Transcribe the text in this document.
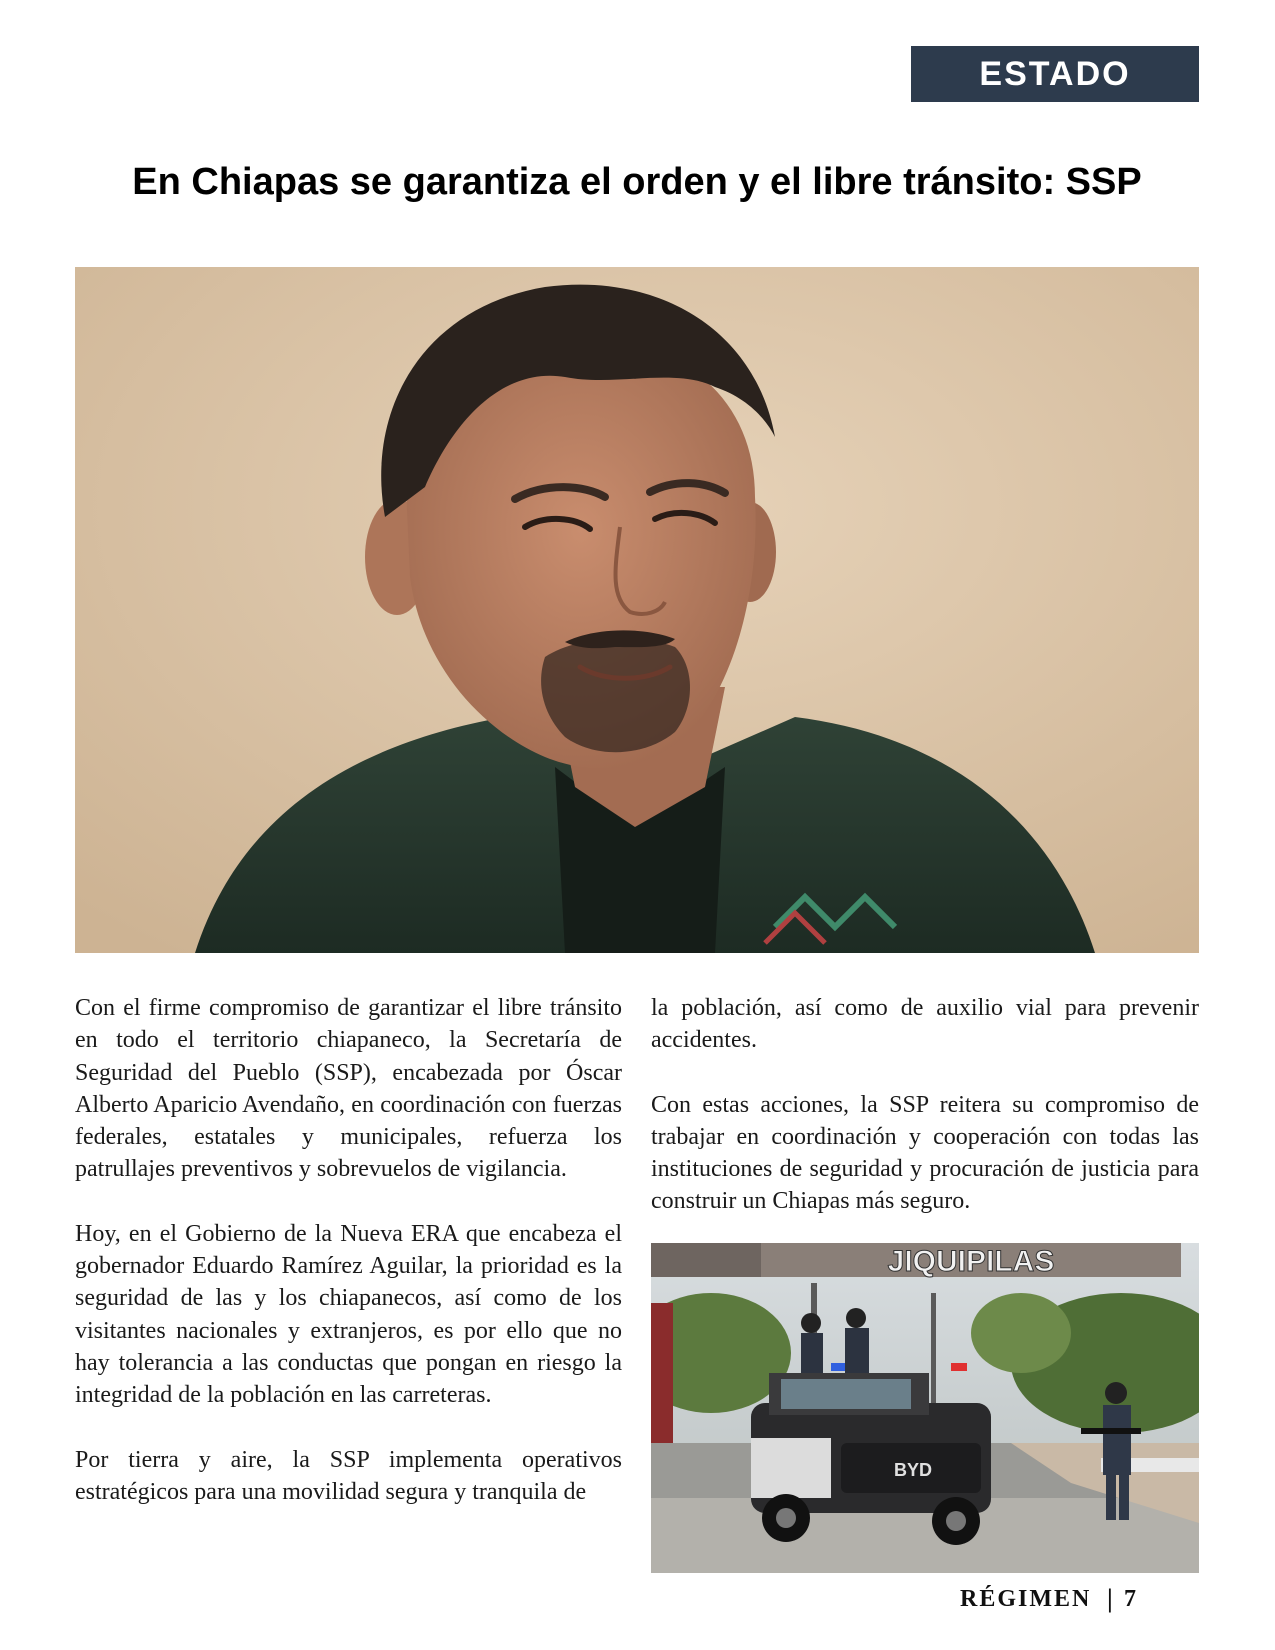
ESTADO
En Chiapas se garantiza el orden y el libre tránsito: SSP

Con el firme compromiso de garantizar el libre tránsito en todo el territorio chiapaneco, la Secretaría de Seguridad del Pueblo (SSP), encabezada por Óscar Alberto Aparicio Avendaño, en coordinación con fuerzas federales, estatales y municipales, refuerza los patrullajes preventivos y sobrevuelos de vigilancia.

Hoy, en el Gobierno de la Nueva ERA que encabeza el gobernador Eduardo Ramírez Aguilar, la prioridad es la seguridad de las y los chiapanecos, así como de los visitantes nacionales y extranjeros, es por ello que no hay tolerancia a las conductas que pongan en riesgo la integridad de la población en las carreteras.

Por tierra y aire, la SSP implementa operativos estratégicos para una movilidad segura y tranquila de

la población, así como de auxilio vial para prevenir accidentes.

Con estas acciones, la SSP reitera su compromiso de trabajar en coordinación y cooperación con todas las instituciones de seguridad y procuración de justicia para construir un Chiapas más seguro.

JIQUIPILAS
BYD
RÉGIMEN | 7
